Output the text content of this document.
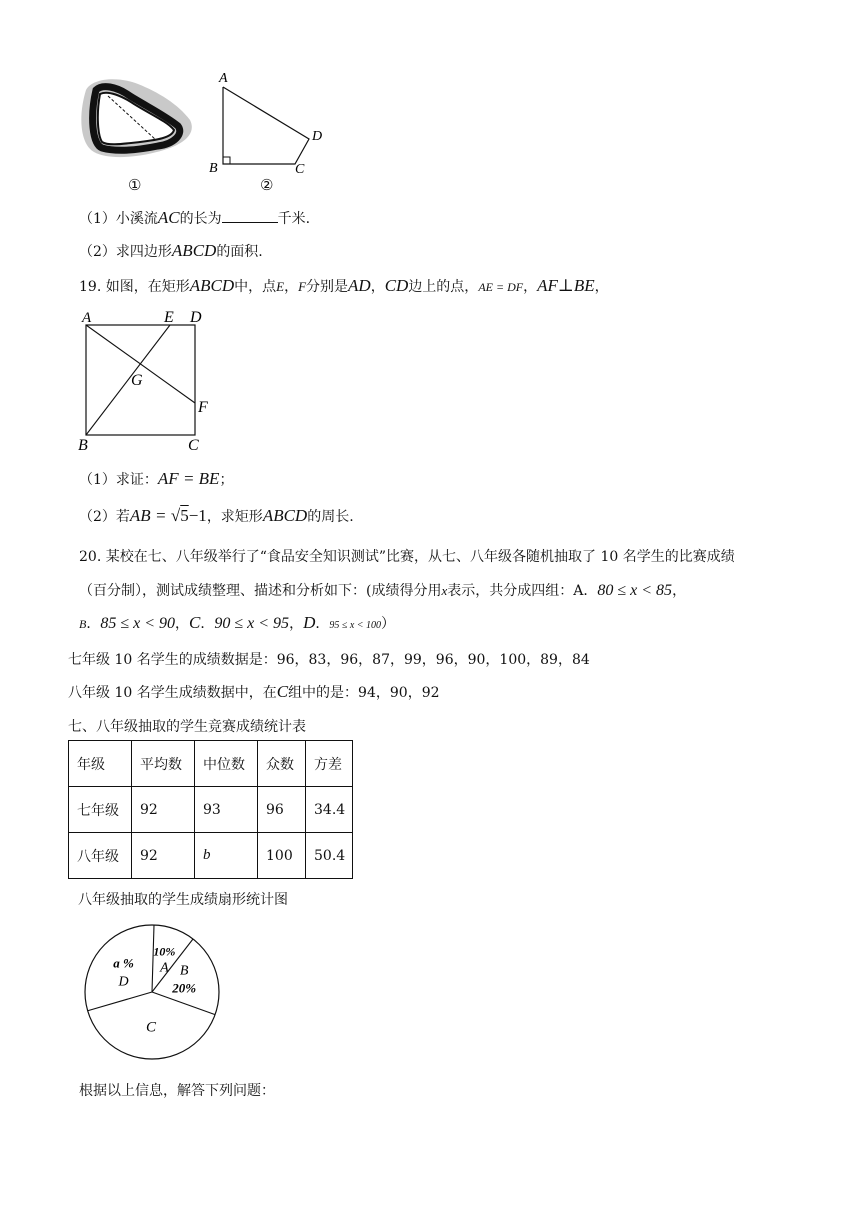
①
A
B	C
D
②
（1）小溪流AC的长为	千米.
（2）求四边形ABCD的面积.
19. 如图，在矩形ABCD中，点E，F分别是AD，CD边上的点，AE = DF，AF⊥BE，
A	E D
G
F
B	C
（1）求证：AF = BE；
（2）若AB = √5−1，求矩形ABCD的周长.
20. 某校在七、八年级举行了“食品安全知识测试”比赛，从七、八年级各随机抽取了 10 名学生的比赛成绩
（百分制），测试成绩整理、描述和分析如下：(成绩得分用x表示，共分成四组：A．80 ≤ x < 85，
B．85 ≤ x < 90，C．90 ≤ x < 95，D．95 ≤ x < 100）
七年级 10 名学生的成绩数据是：96，83，96，87，99，96，90，100，89，84
八年级 10 名学生成绩数据中，在C组中的是：94，90，92
七、八年级抽取的学生竞赛成绩统计表
年级	平均数	中位数	众数	方差
七年级	92	93	96	34.4
八年级	92	b	100	50.4
八年级抽取的学生成绩扇形统计图
10%
A B
20%
C
a %
D
根据以上信息，解答下列问题：
